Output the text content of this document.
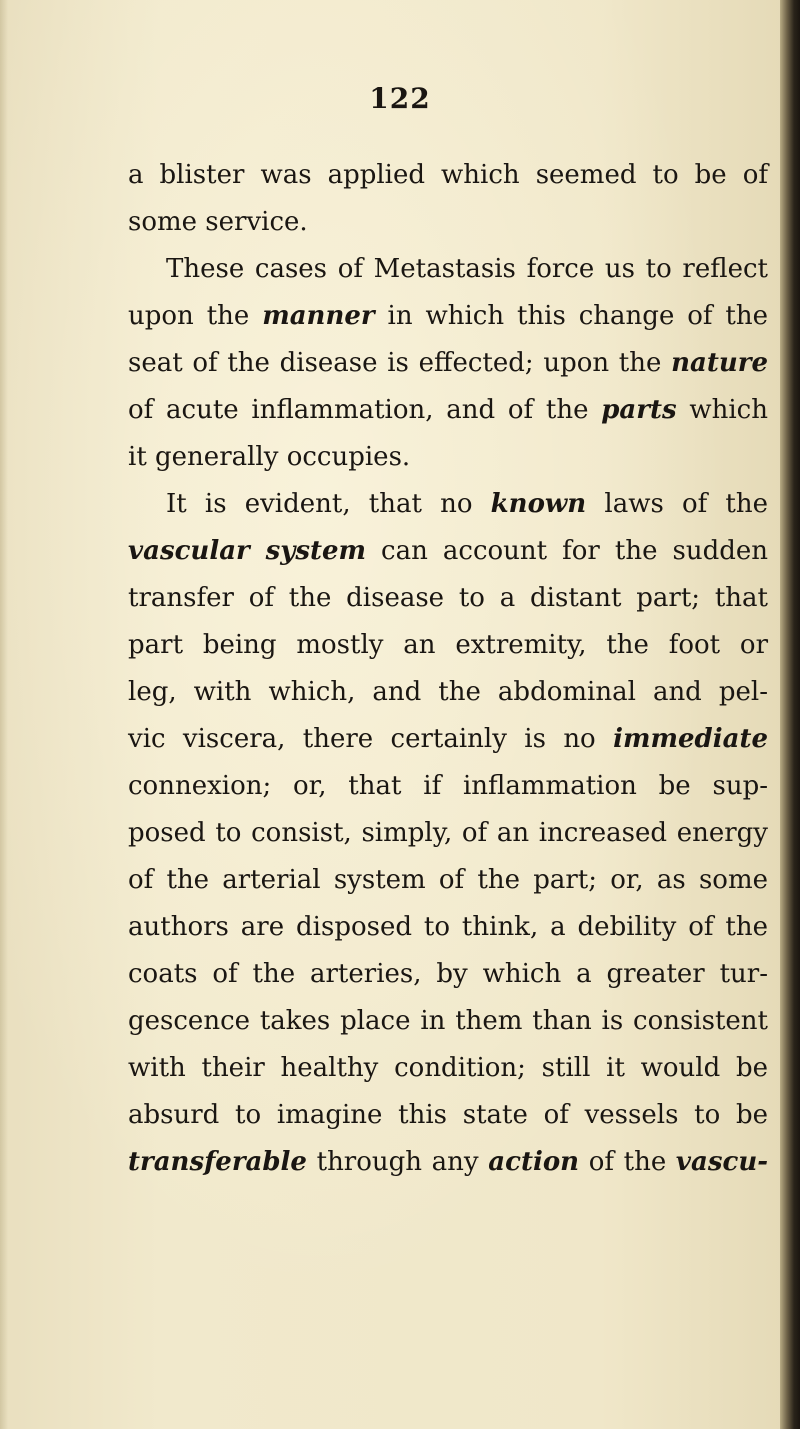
122
a blister was applied which seemed to be of
some service.
These cases of Metastasis force us to reflect
upon the manner in which this change of the
seat of the disease is effected; upon the nature
of acute inflammation, and of the parts which
it generally occupies.
It is evident, that no known laws of the
vascular system can account for the sudden
transfer of the disease to a distant part; that
part being mostly an extremity, the foot or
leg, with which, and the abdominal and pel-
vic viscera, there certainly is no immediate
connexion; or, that if inflammation be sup-
posed to consist, simply, of an increased energy
of the arterial system of the part; or, as some
authors are disposed to think, a debility of the
coats of the arteries, by which a greater tur-
gescence takes place in them than is consistent
with their healthy condition; still it would be
absurd to imagine this state of vessels to be
transferable through any action of the vascu-
